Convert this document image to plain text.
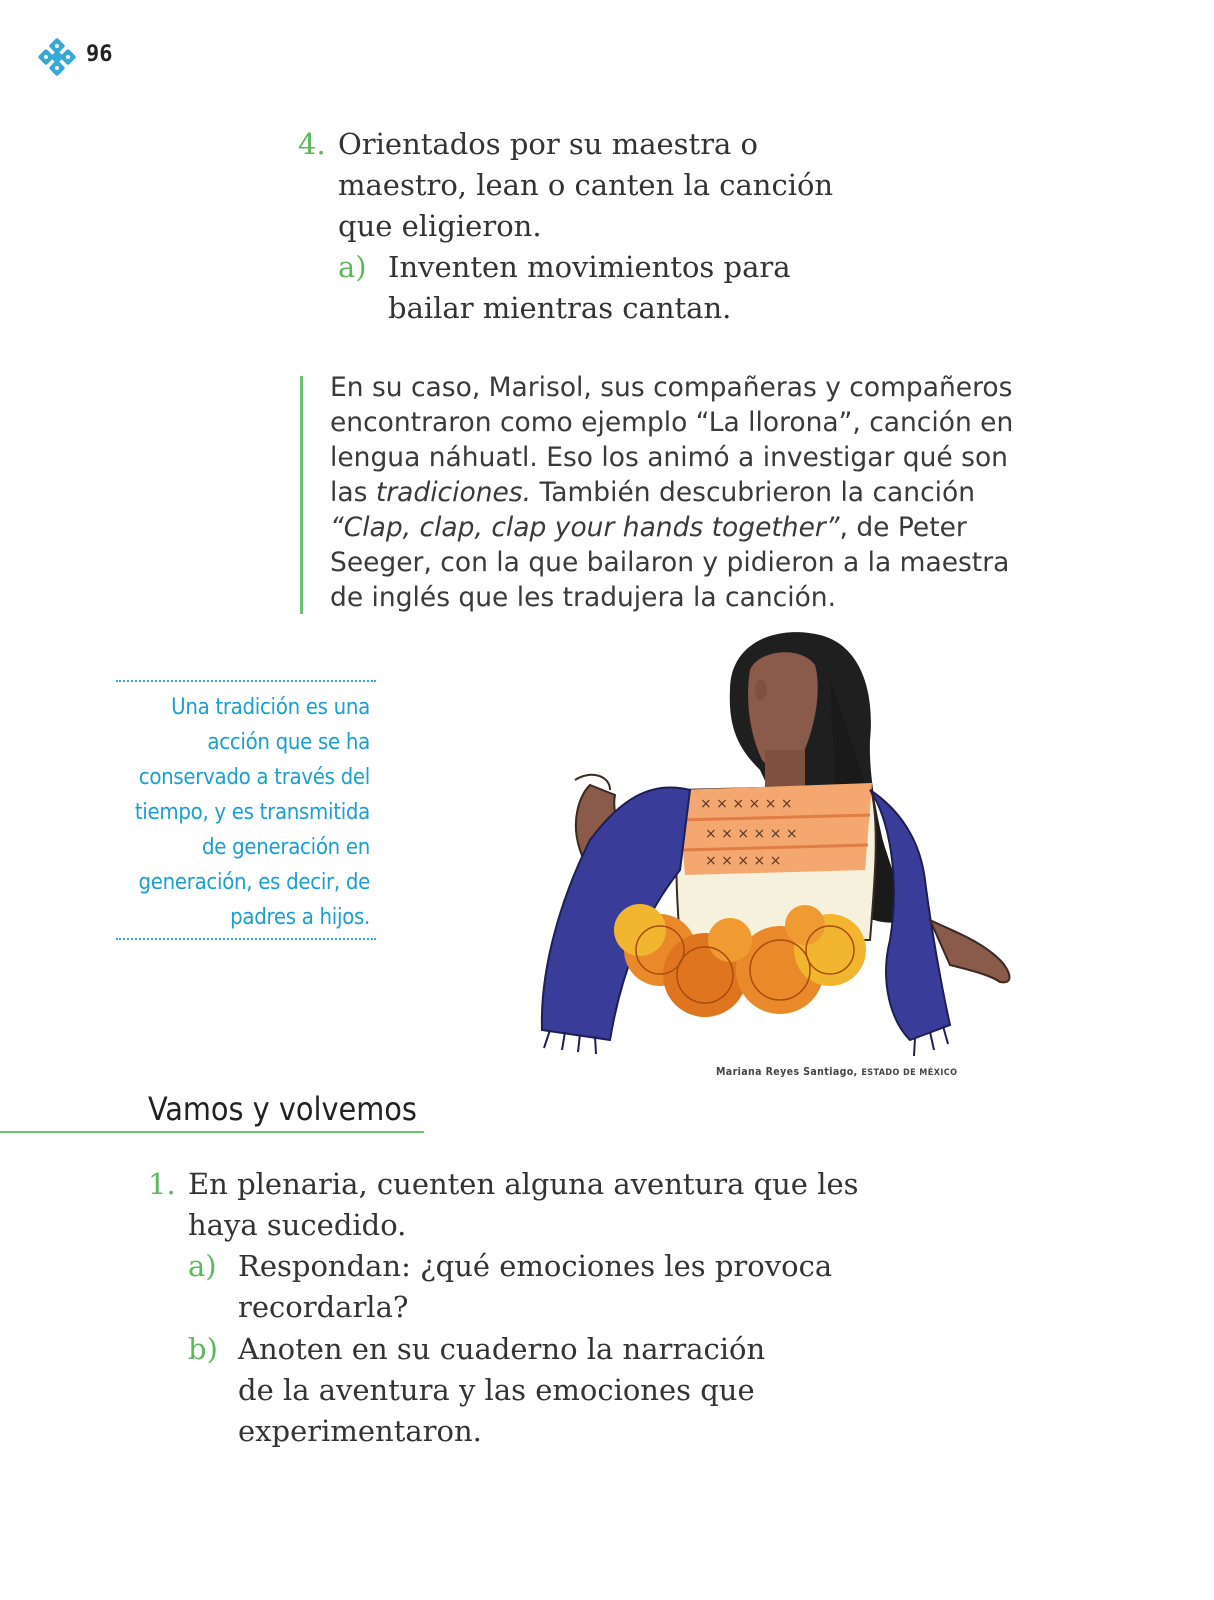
96
4. Orientados por su maestra o
maestro, lean o canten la canción
que eligieron.
a) Inventen movimientos para
bailar mientras cantan.
En su caso, Marisol, sus compañeras y compañeros
encontraron como ejemplo “La llorona”, canción en
lengua náhuatl. Eso los animó a investigar qué son
las tradiciones. También descubrieron la canción
“Clap, clap, clap your hands together”, de Peter
Seeger, con la que bailaron y pidieron a la maestra
de inglés que les tradujera la canción.
Una tradición es una
acción que se ha
conservado a través del
tiempo, y es transmitida
de generación en
generación, es decir, de
padres a hijos.
× × × × × ×
× × × × × ×
× × × × ×
Mariana Reyes Santiago, ESTADO DE MÉXICO
Vamos y volvemos
1. En plenaria, cuenten alguna aventura que les
haya sucedido.
a) Respondan: ¿qué emociones les provoca
recordarla?
b) Anoten en su cuaderno la narración
de la aventura y las emociones que
experimentaron.
